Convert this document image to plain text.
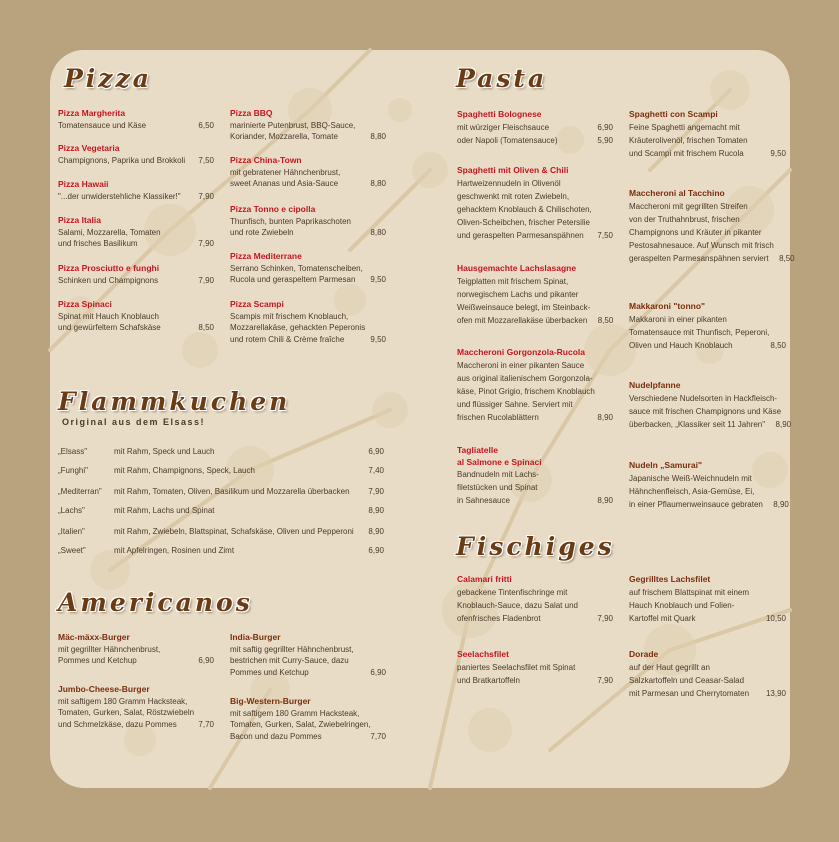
Pizza
Pizza Margherita
Tomatensauce und Käse	6,50
Pizza Vegetaria
Champignons, Paprika und Brokkoli	7,50
Pizza Hawaii
"...der unwiderstehliche Klassiker!"	7,90
Pizza Italia
Salami, Mozzarella, Tomaten
und frisches Basilikum	7,90
Pizza Prosciutto e funghi
Schinken und Champignons	7,90
Pizza Spinaci
Spinat mit Hauch Knoblauch
und gewürfeltem Schafskäse	8,50
Pizza BBQ
marinierte Putenbrust, BBQ-Sauce,
Koriander, Mozzarella, Tomate	8,80
Pizza China-Town
mit gebratener Hähnchenbrust,
sweet Ananas und Asia-Sauce	8,80
Pizza Tonno e cipolla
Thunfisch, bunten Paprikaschoten
und rote Zwiebeln	8,80
Pizza Mediterrane
Serrano Schinken, Tomatenscheiben,
Rucola und geraspeltem Parmesan	9,50
Pizza Scampi
Scampis mit frischem Knoblauch,
Mozzarellakäse, gehackten Peperonis
und rotem Chili & Crème fraîche	9,50
Flammkuchen
Original aus dem Elsass!
„Elsass"	mit Rahm, Speck und Lauch	6,90
„Funghi"	mit Rahm, Champignons, Speck, Lauch	7,40
„Mediterran" mit Rahm, Tomaten, Oliven, Basilikum und Mozzarella überbacken 7,90
„Lachs"	mit Rahm, Lachs und Spinat	8,90
„Italien"	mit Rahm, Zwiebeln, Blattspinat, Schafskäse, Oliven und Pepperoni 8,90
„Sweet"	mit Apfelringen, Rosinen und Zimt	6,90
Americanos
Mäc-mäxx-Burger
mit gegrillter Hähnchenbrust,
Pommes und Ketchup	6,90
Jumbo-Cheese-Burger
mit saftigem 180 Gramm Hacksteak,
Tomaten, Gurken, Salat, Röstzwiebeln
und Schmelzkäse, dazu Pommes	7,70
India-Burger
mit saftig gegrillter Hähnchenbrust,
bestrichen mit Curry-Sauce, dazu
Pommes und Ketchup	6,90
Big-Western-Burger
mit saftigem 180 Gramm Hacksteak,
Tomaten, Gurken, Salat, Zwiebelringen,
Bacon und dazu Pommes	7,70
Pasta
Spaghetti Bolognese
mit würziger Fleischsauce	6,90
oder Napoli (Tomatensauce)	5,90
Spaghetti mit Oliven & Chili
Hartweizennudeln in Olivenöl
geschwenkt mit roten Zwiebeln,
gehacktem Knoblauch & Chilischoten,
Oliven-Scheibchen, frischer Petersilie
und geraspelten Parmesanspähnen	7,50
Hausgemachte Lachslasagne
Teigplatten mit frischem Spinat,
norwegischem Lachs und pikanter
Weißweinsauce belegt, im Steinback-
ofen mit Mozzarellakäse überbacken	8,50
Maccheroni Gorgonzola-Rucola
Maccheroni in einer pikanten Sauce
aus original italienischem Gorgonzola-
käse, Pinot Grigio, frischem Knoblauch
und flüssiger Sahne. Serviert mit
frischen Rucolablättern	8,90
Tagliatelle
al Salmone e Spinaci
Bandnudeln mit Lachs-
filetstücken und Spinat
in Sahnesauce	8,90
Spaghetti con Scampi
Feine Spaghetti angemacht mit
Kräuterolivenöl, frischen Tomaten
und Scampi mit frischem Rucola	9,50
Maccheroni al Tacchino
Maccheroni mit gegrillten Streifen
von der Truthahnbrust, frischen
Champignons und Kräuter in pikanter
Pestosahnesauce. Auf Wunsch mit frisch
geraspelten Parmesanspähnen serviert	8,50
Makkaroni "tonno"
Makkaroni in einer pikanten
Tomatensauce mit Thunfisch, Peperoni,
Oliven und Hauch Knoblauch	8,50
Nudelpfanne
Verschiedene Nudelsorten in Hackfleisch-
sauce mit frischen Champignons und Käse
überbacken, „Klassiker seit 11 Jahren"	8,90
Nudeln „Samurai"
Japanische Weiß-Weichnudeln mit
Hähnchenfleisch, Asia-Gemüse, Ei,
in einer Pflaumenweinsauce gebraten	8,90
Fischiges
Calamari fritti
gebackene Tintenfischringe mit
Knoblauch-Sauce, dazu Salat und
ofenfrisches Fladenbrot	7,90
Seelachsfilet
paniertes Seelachsfilet mit Spinat
und Bratkartoffeln	7,90
Gegrilltes Lachsfilet
auf frischem Blattspinat mit einem
Hauch Knoblauch und Folien-
Kartoffel mit Quark	10,50
Dorade
auf der Haut gegrillt an
Salzkartoffeln und Ceasar-Salad
mit Parmesan und Cherrytomaten	13,90
